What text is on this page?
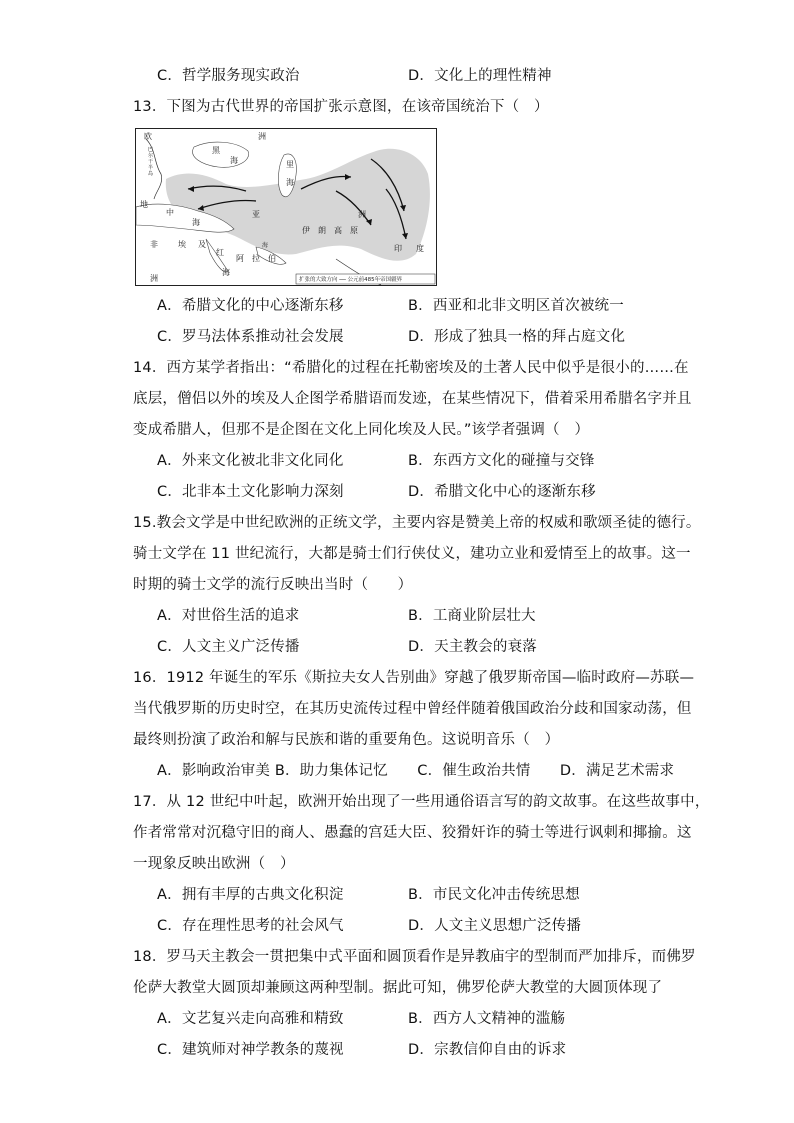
C．哲学服务现实政治	D．文化上的理性精神
13．下图为古代世界的帝国扩张示意图，在该帝国统治下（　）
欧	洲
巴
尔
干
半
岛
黑
海	里
海
地
中
海
亚	洲
伊　朗　高　原
非
洲
埃 及
红
海
阿　拉　伯
印 度
海
扩张的大致方向 ── 公元前485年帝国疆界
A．希腊文化的中心逐渐东移	B．西亚和北非文明区首次被统一
C．罗马法体系推动社会发展	D．形成了独具一格的拜占庭文化
14．西方某学者指出：“希腊化的过程在托勒密埃及的土著人民中似乎是很小的……在
底层，僧侣以外的埃及人企图学希腊语而发迹，在某些情况下，借着采用希腊名字并且
变成希腊人，但那不是企图在文化上同化埃及人民。”该学者强调（　）
A．外来文化被北非文化同化	B．东西方文化的碰撞与交锋
C．北非本土文化影响力深刻	D．希腊文化中心的逐渐东移
15.教会文学是中世纪欧洲的正统文学，主要内容是赞美上帝的权威和歌颂圣徒的德行。
骑士文学在 11 世纪流行，大都是骑士们行侠仗义，建功立业和爱情至上的故事。这一
时期的骑士文学的流行反映出当时（　　）
A．对世俗生活的追求	B．工商业阶层壮大
C．人文主义广泛传播	D．天主教会的衰落
16．1912 年诞生的军乐《斯拉夫女人告别曲》穿越了俄罗斯帝国—临时政府—苏联—
当代俄罗斯的历史时空，在其历史流传过程中曾经伴随着俄国政治分歧和国家动荡，但
最终则扮演了政治和解与民族和谐的重要角色。这说明音乐（　）
A．影响政治审美 B．助力集体记忆　　C．催生政治共情　　D．满足艺术需求
17．从 12 世纪中叶起，欧洲开始出现了一些用通俗语言写的韵文故事。在这些故事中，
作者常常对沉稳守旧的商人、愚蠢的宫廷大臣、狡猾奸诈的骑士等进行讽刺和揶揄。这
一现象反映出欧洲（　）
A．拥有丰厚的古典文化积淀	B．市民文化冲击传统思想
C．存在理性思考的社会风气	D．人文主义思想广泛传播
18．罗马天主教会一贯把集中式平面和圆顶看作是异教庙宇的型制而严加排斥，而佛罗
伦萨大教堂大圆顶却兼顾这两种型制。据此可知，佛罗伦萨大教堂的大圆顶体现了
A．文艺复兴走向高雅和精致	B．西方人文精神的滥觞
C．建筑师对神学教条的蔑视	D．宗教信仰自由的诉求
